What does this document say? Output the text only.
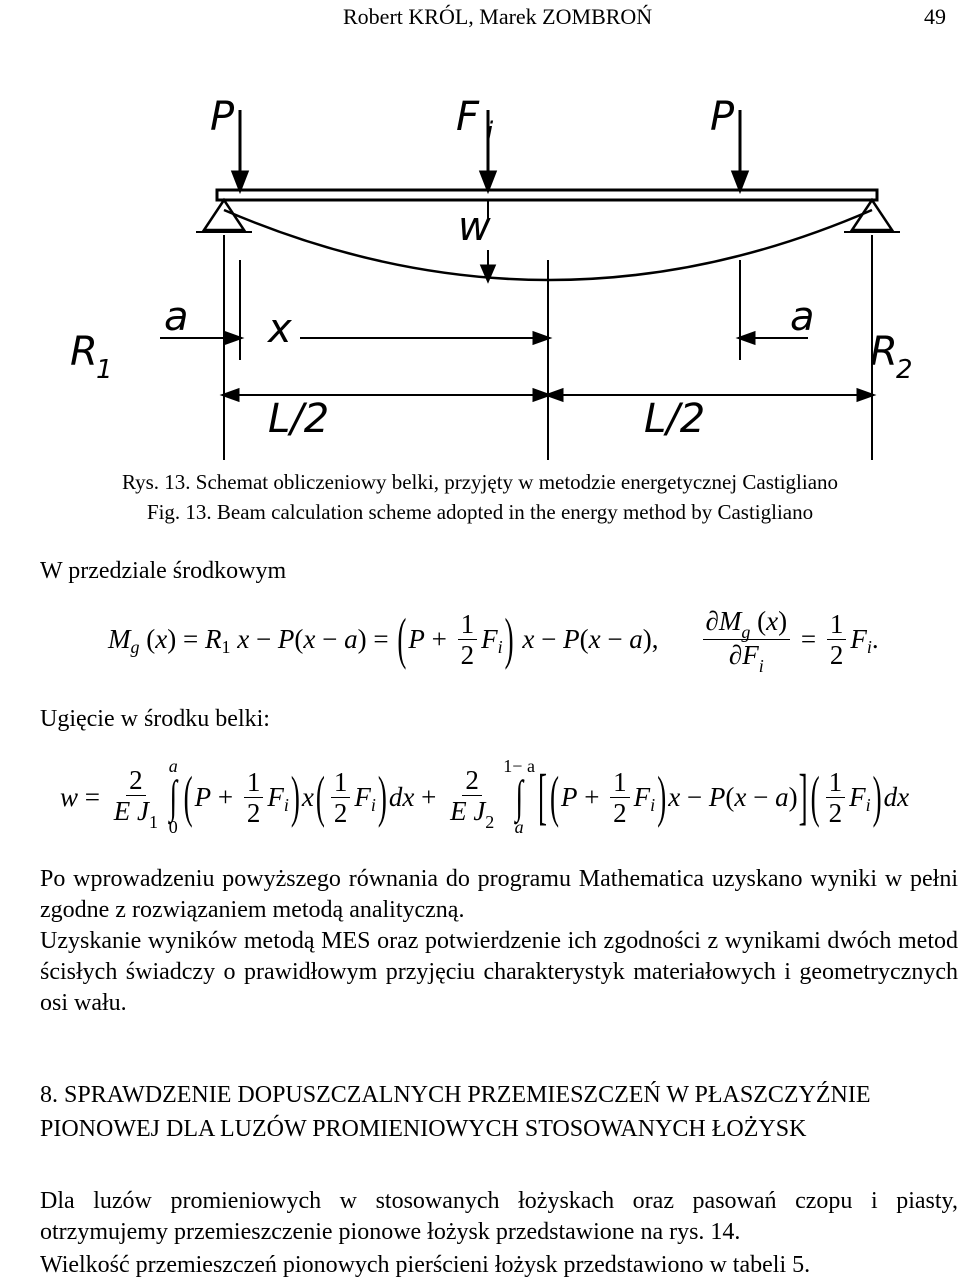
Robert KRÓL, Marek ZOMBROŃ	49
P	F i	P
w
a x	a
R
1	R
2
L/2	L/2
Rys. 13. Schemat obliczeniowy belki, przyjęty w metodzie energetycznej Castigliano
Fig. 13. Beam calculation scheme adopted in the energy method by Castigliano
W przedziale środkowym
M g ( x ) = R 1
x − P ( x − a ) = ( $P + \frac{1}{2}$ F i )
x − P ( x − a ), $\frac{\partial M_g (x)}{\partial F_i} = \frac{1}{2}$ F i .
Ugięcie w środku belki:
$w = \frac{2}{E J_1}$ a
∫
0 ( $P + \frac{1}{2}$ F i ) x ( $\frac{1}{2}$ F i ) dx + $\frac{2}{E J_2} 1- a$
∫
a [ ( $P + \frac{1}{2}$ F i ) x − P ( x − a ) ] ( $\frac{1}{2}$ F i ) dx
Po wprowadzeniu powyższego równania do programu Mathematica uzyskano wyniki w pełni zgodne z rozwiązaniem metodą analityczną.
Uzyskanie wyników metodą MES oraz potwierdzenie ich zgodności z wynikami dwóch metod ścisłych świadczy o prawidłowym przyjęciu charakterystyk materiałowych i geometrycznych osi wału.
8. SPRAWDZENIE DOPUSZCZALNYCH PRZEMIESZCZEŃ W PŁASZCZYŹNIE
PIONOWEJ DLA LUZÓW PROMIENIOWYCH STOSOWANYCH ŁOŻYSK
Dla luzów promieniowych w stosowanych łożyskach oraz pasowań czopu i piasty, otrzymujemy przemieszczenie pionowe łożysk przedstawione na rys. 14.
Wielkość przemieszczeń pionowych pierścieni łożysk przedstawiono w tabeli 5.
